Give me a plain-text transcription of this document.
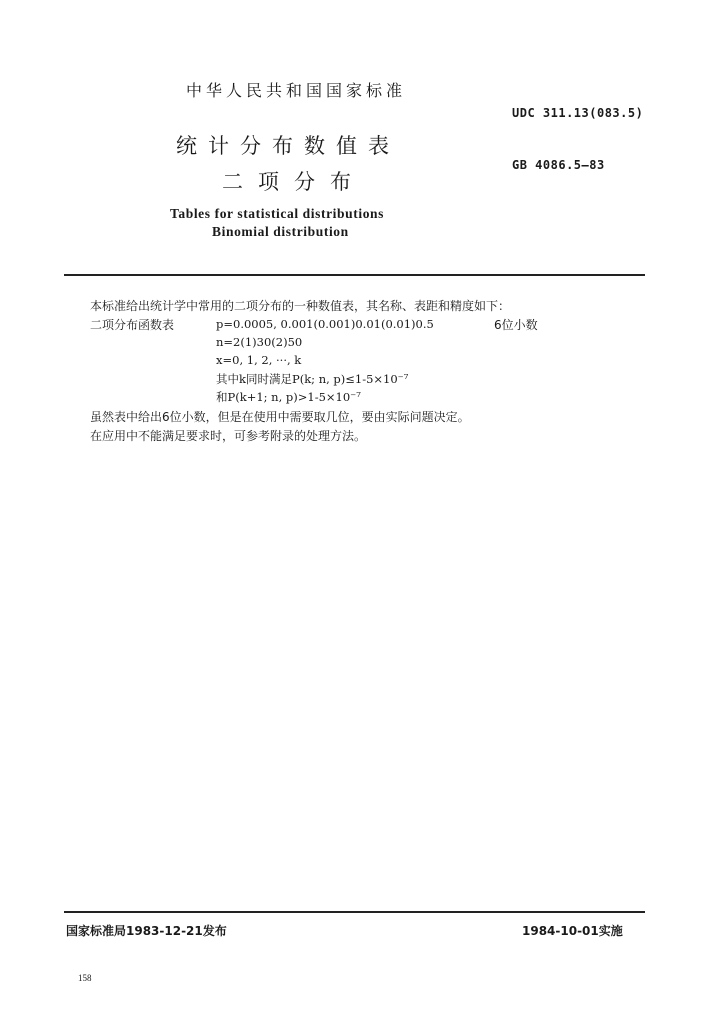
中华人民共和国国家标准
UDC 311.13(083.5)
统计分布数值表
GB 4086.5—83
二项分布
Tables for statistical distributions
Binomial distribution
本标准给出统计学中常用的二项分布的一种数值表，其名称、表距和精度如下：
二项分布函数表	p=0.0005, 0.001(0.001)0.01(0.01)0.5	6位小数
n=2(1)30(2)50
x=0, 1, 2, ···, k
其中k同时满足P(k; n, p)≤1-5×10⁻⁷
和P(k+1; n, p)>1-5×10⁻⁷
虽然表中给出6位小数，但是在使用中需要取几位，要由实际问题决定。
在应用中不能满足要求时，可参考附录的处理方法。
国家标准局1983-12-21发布	1984-10-01实施
158
